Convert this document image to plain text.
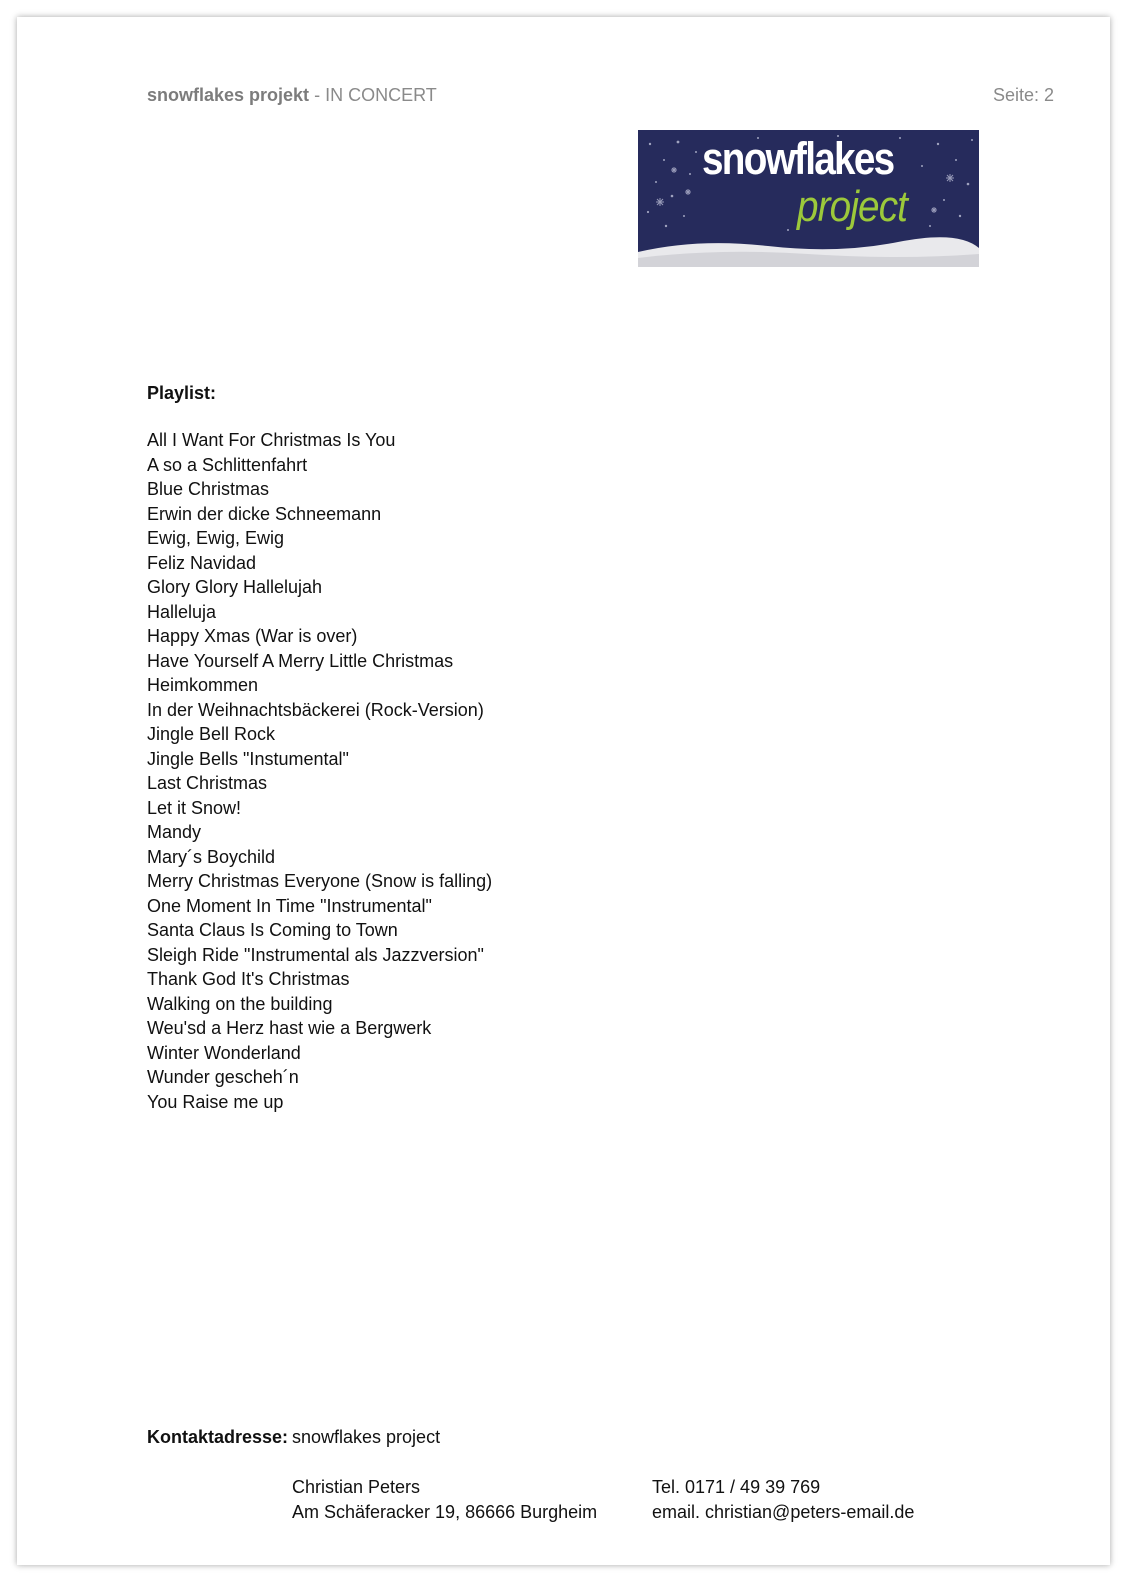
snowflakes projekt - IN CONCERT	Seite: 2
snowflakes
project
Playlist:
All I Want For Christmas Is You
A so a Schlittenfahrt
Blue Christmas
Erwin der dicke Schneemann
Ewig, Ewig, Ewig
Feliz Navidad
Glory Glory Hallelujah
Halleluja
Happy Xmas (War is over)
Have Yourself A Merry Little Christmas
Heimkommen
In der Weihnachtsbäckerei (Rock-Version)
Jingle Bell Rock
Jingle Bells "Instumental"
Last Christmas
Let it Snow!
Mandy
Mary´s Boychild
Merry Christmas Everyone (Snow is falling)
One Moment In Time "Instrumental"
Santa Claus Is Coming to Town
Sleigh Ride "Instrumental als Jazzversion"
Thank God It's Christmas
Walking on the building
Weu'sd a Herz hast wie a Bergwerk
Winter Wonderland
Wunder gescheh´n
You Raise me up
Kontaktadresse: snowflakes project
Christian Peters
Am Schäferacker 19, 86666 Burgheim
Tel. 0171 / 49 39 769
email. christian@peters-email.de
